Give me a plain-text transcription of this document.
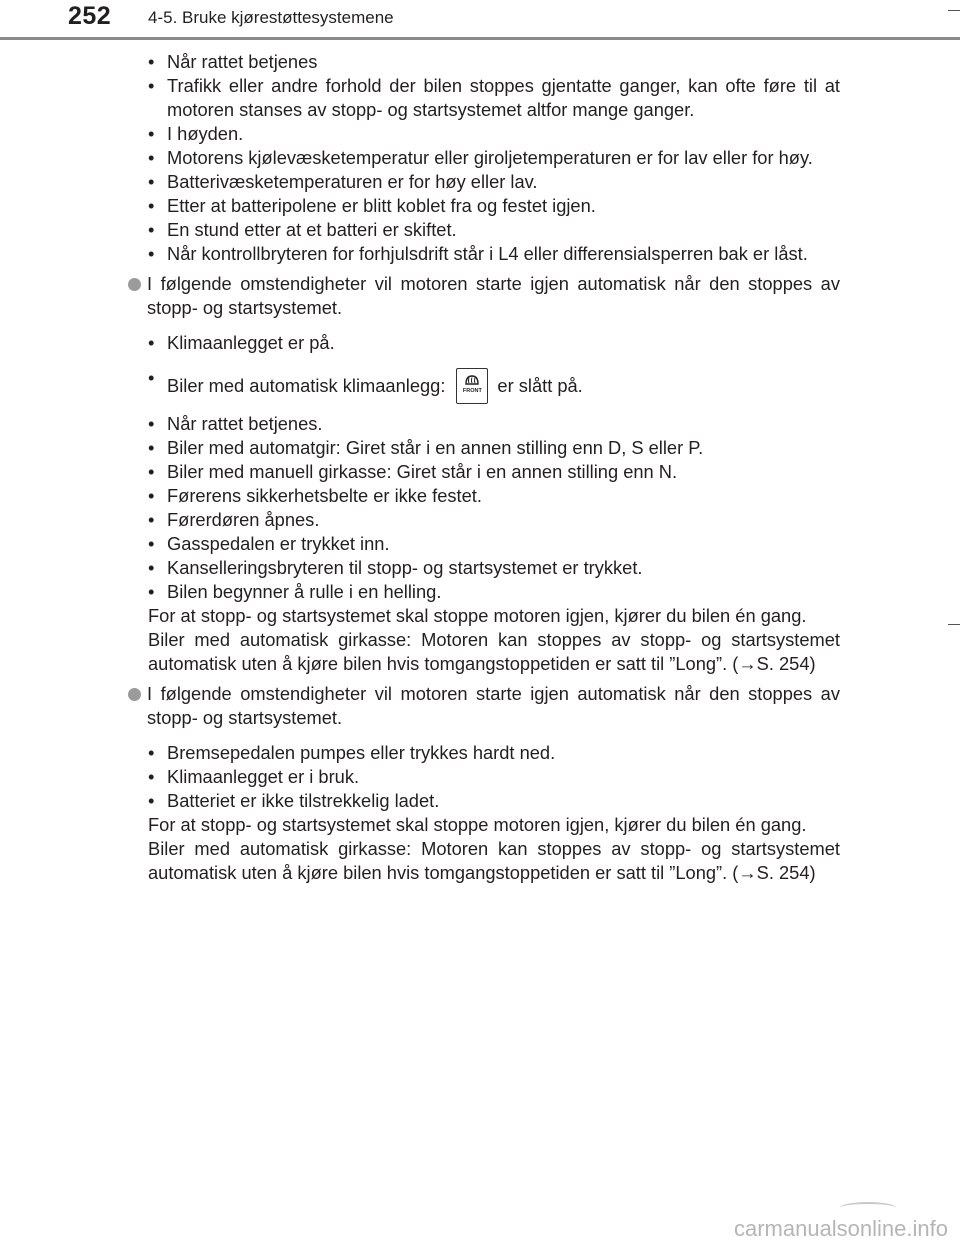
252 4-5. Bruke kjørestøttesystemene
• Når rattet betjenes
• Trafikk eller andre forhold der bilen stoppes gjentatte ganger, kan ofte føre til at motoren stanses av stopp- og startsystemet altfor mange ganger.
• I høyden.
• Motorens kjølevæsketemperatur eller giroljetemperaturen er for lav eller for høy.
• Batterivæsketemperaturen er for høy eller lav.
• Etter at batteripolene er blitt koblet fra og festet igjen.
• En stund etter at et batteri er skiftet.
• Når kontrollbryteren for forhjulsdrift står i L4 eller differensialsperren bak er låst.
I følgende omstendigheter vil motoren starte igjen automatisk når den stoppes av stopp- og startsystemet.
• Klimaanlegget er på.
• Biler med automatisk klimaanlegg:	FRONT er slått på.
• Når rattet betjenes.
• Biler med automatgir: Giret står i en annen stilling enn D, S eller P.
• Biler med manuell girkasse: Giret står i en annen stilling enn N.
• Førerens sikkerhetsbelte er ikke festet.
• Førerdøren åpnes.
• Gasspedalen er trykket inn.
• Kanselleringsbryteren til stopp- og startsystemet er trykket.
• Bilen begynner å rulle i en helling.
For at stopp- og startsystemet skal stoppe motoren igjen, kjører du bilen én gang.
Biler med automatisk girkasse: Motoren kan stoppes av stopp- og startsystemet automatisk uten å kjøre bilen hvis tomgangstoppetiden er satt til ”Long”. (→S. 254)
I følgende omstendigheter vil motoren starte igjen automatisk når den stoppes av stopp- og startsystemet.
• Bremsepedalen pumpes eller trykkes hardt ned.
• Klimaanlegget er i bruk.
• Batteriet er ikke tilstrekkelig ladet.
For at stopp- og startsystemet skal stoppe motoren igjen, kjører du bilen én gang.
Biler med automatisk girkasse: Motoren kan stoppes av stopp- og startsystemet automatisk uten å kjøre bilen hvis tomgangstoppetiden er satt til ”Long”. (→S. 254)
carmanualsonline.info
